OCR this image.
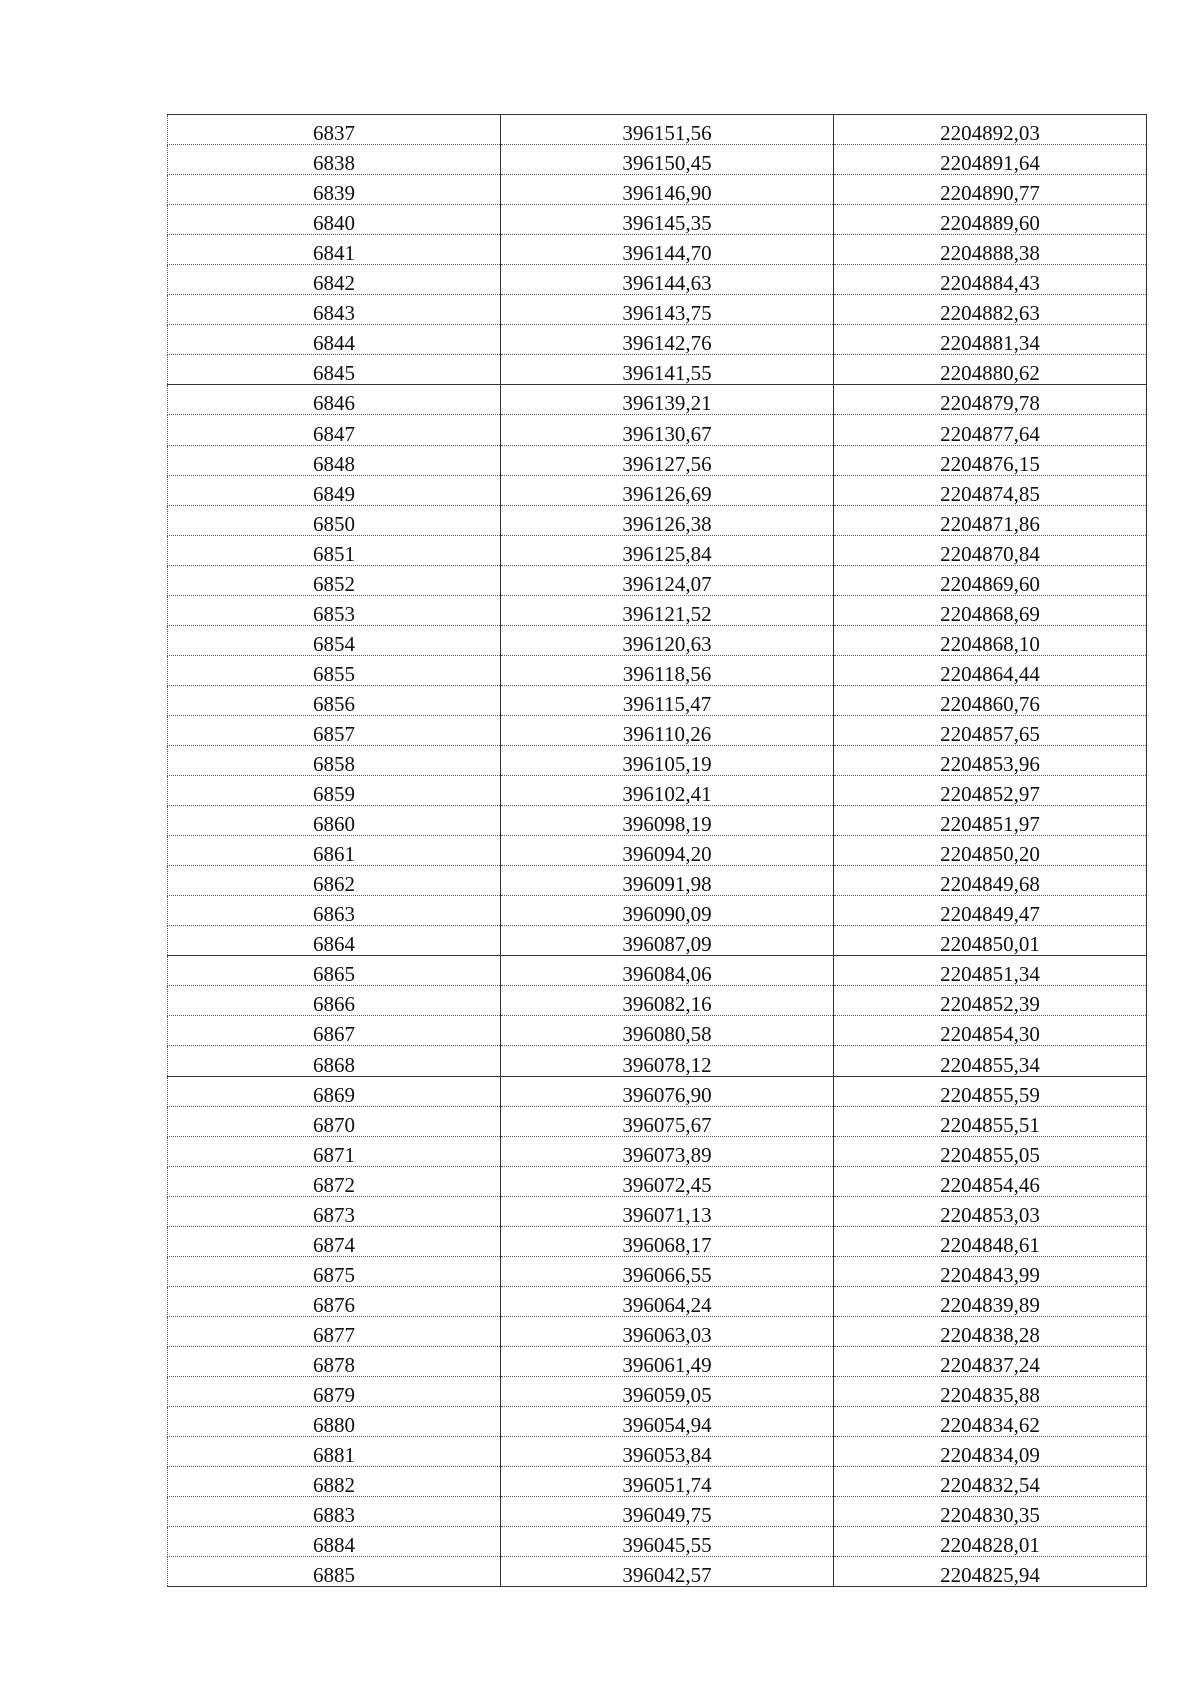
6837	396151,56	2204892,03
6838	396150,45	2204891,64
6839	396146,90	2204890,77
6840	396145,35	2204889,60
6841	396144,70	2204888,38
6842	396144,63	2204884,43
6843	396143,75	2204882,63
6844	396142,76	2204881,34
6845	396141,55	2204880,62
6846	396139,21	2204879,78
6847	396130,67	2204877,64
6848	396127,56	2204876,15
6849	396126,69	2204874,85
6850	396126,38	2204871,86
6851	396125,84	2204870,84
6852	396124,07	2204869,60
6853	396121,52	2204868,69
6854	396120,63	2204868,10
6855	396118,56	2204864,44
6856	396115,47	2204860,76
6857	396110,26	2204857,65
6858	396105,19	2204853,96
6859	396102,41	2204852,97
6860	396098,19	2204851,97
6861	396094,20	2204850,20
6862	396091,98	2204849,68
6863	396090,09	2204849,47
6864	396087,09	2204850,01
6865	396084,06	2204851,34
6866	396082,16	2204852,39
6867	396080,58	2204854,30
6868	396078,12	2204855,34
6869	396076,90	2204855,59
6870	396075,67	2204855,51
6871	396073,89	2204855,05
6872	396072,45	2204854,46
6873	396071,13	2204853,03
6874	396068,17	2204848,61
6875	396066,55	2204843,99
6876	396064,24	2204839,89
6877	396063,03	2204838,28
6878	396061,49	2204837,24
6879	396059,05	2204835,88
6880	396054,94	2204834,62
6881	396053,84	2204834,09
6882	396051,74	2204832,54
6883	396049,75	2204830,35
6884	396045,55	2204828,01
6885	396042,57	2204825,94
